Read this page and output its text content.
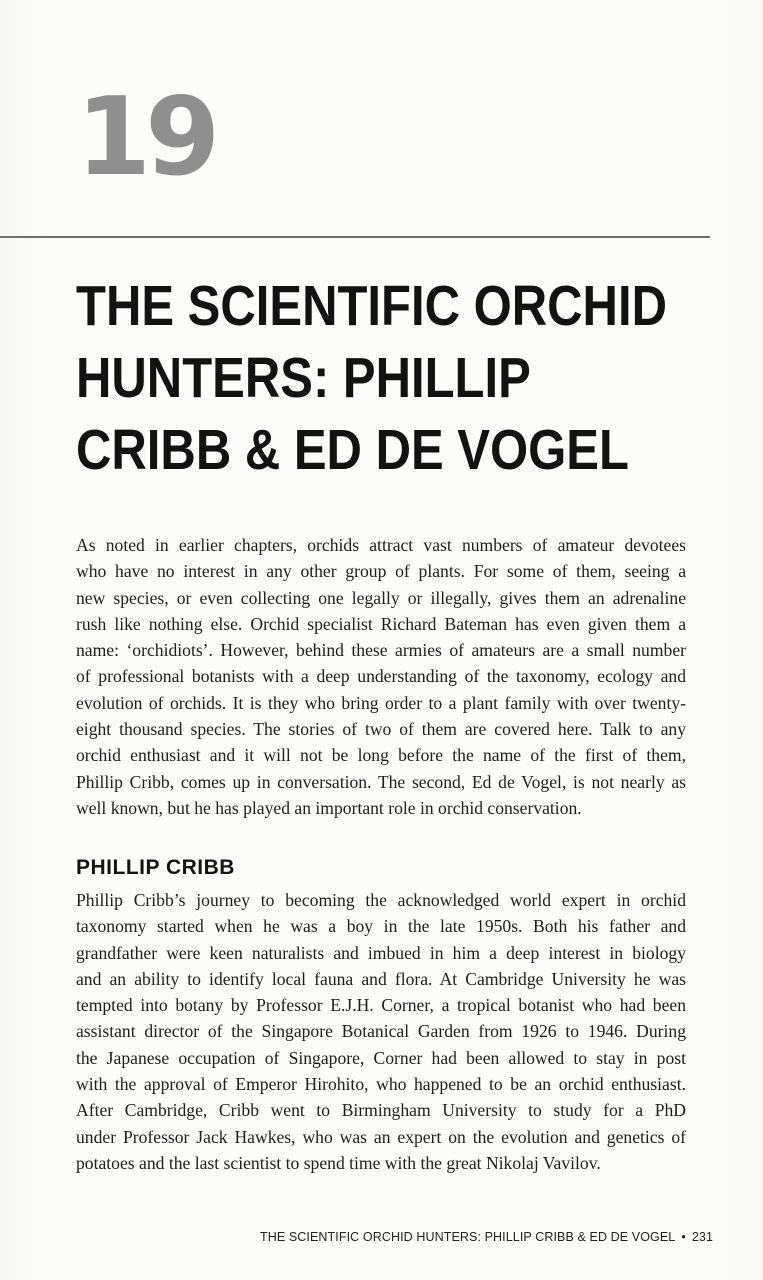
19
THE SCIENTIFIC ORCHID
HUNTERS: PHILLIP
CRIBB & ED DE VOGEL

As noted in earlier chapters, orchids attract vast numbers of amateur devotees
who have no interest in any other group of plants. For some of them, seeing a
new species, or even collecting one legally or illegally, gives them an adrenaline
rush like nothing else. Orchid specialist Richard Bateman has even given them a
name: ‘orchidiots’. However, behind these armies of amateurs are a small number
of professional botanists with a deep understanding of the taxonomy, ecology and
evolution of orchids. It is they who bring order to a plant family with over twenty-
eight thousand species. The stories of two of them are covered here. Talk to any
orchid enthusiast and it will not be long before the name of the first of them,
Phillip Cribb, comes up in conversation. The second, Ed de Vogel, is not nearly as
well known, but he has played an important role in orchid conservation.

PHILLIP CRIBB

Phillip Cribb’s journey to becoming the acknowledged world expert in orchid
taxonomy started when he was a boy in the late 1950s. Both his father and
grandfather were keen naturalists and imbued in him a deep interest in biology
and an ability to identify local fauna and flora. At Cambridge University he was
tempted into botany by Professor E.J.H. Corner, a tropical botanist who had been
assistant director of the Singapore Botanical Garden from 1926 to 1946. During
the Japanese occupation of Singapore, Corner had been allowed to stay in post
with the approval of Emperor Hirohito, who happened to be an orchid enthusiast.
After Cambridge, Cribb went to Birmingham University to study for a PhD
under Professor Jack Hawkes, who was an expert on the evolution and genetics of
potatoes and the last scientist to spend time with the great Nikolaj Vavilov.

THE SCIENTIFIC ORCHID HUNTERS: PHILLIP CRIBB & ED DE VOGEL • 231
